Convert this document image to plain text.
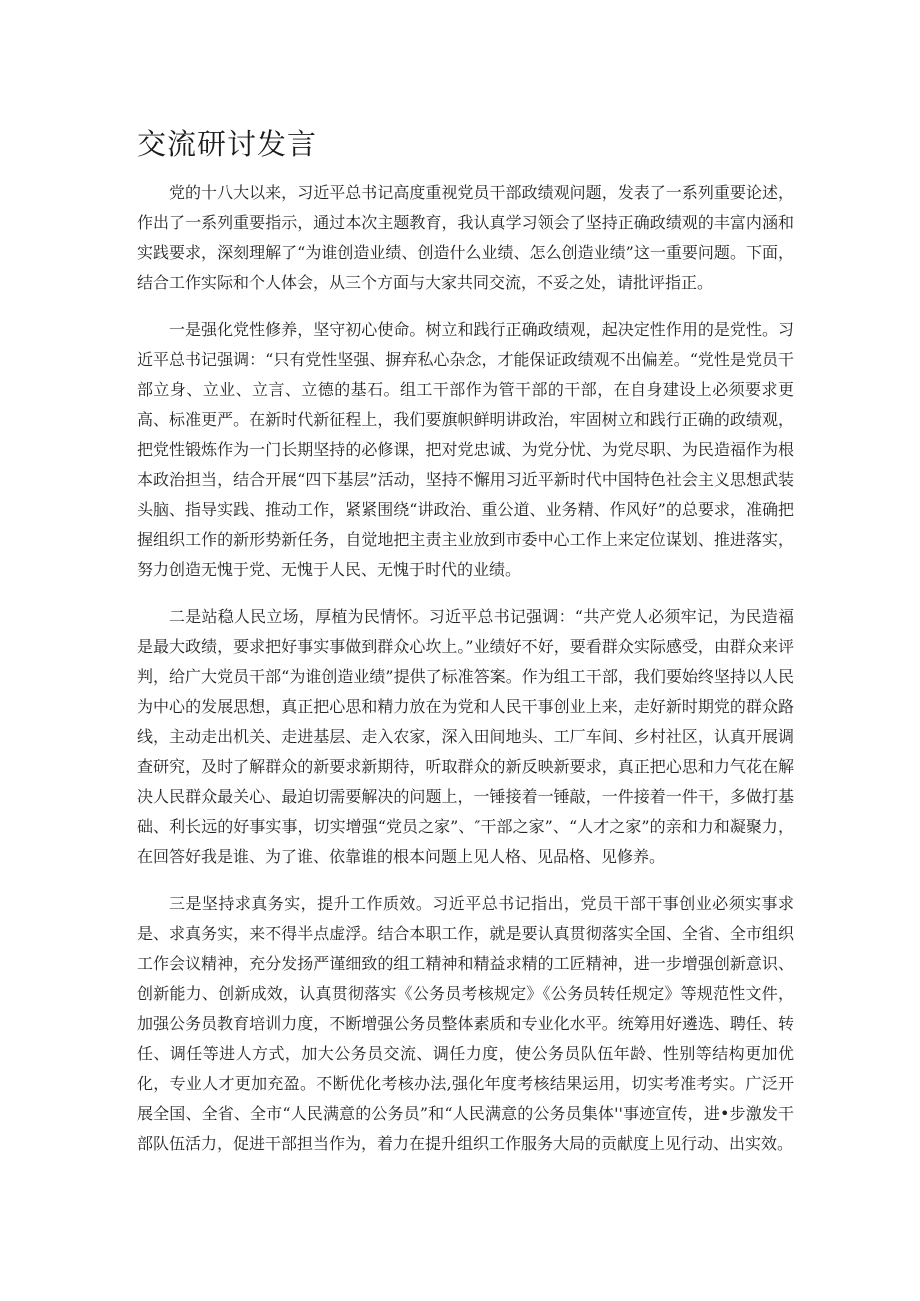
交流研讨发言

党的十八大以来，习近平总书记高度重视党员干部政绩观问题，发表了一系列重要论述，作出了一系列重要指示，通过本次主题教育，我认真学习领会了坚持正确政绩观的丰富内涵和实践要求，深刻理解了“为谁创造业绩、创造什么业绩、怎么创造业绩”这一重要问题。下面，结合工作实际和个人体会，从三个方面与大家共同交流，不妥之处，请批评指正。

一是强化党性修养，坚守初心使命。树立和践行正确政绩观，起决定性作用的是党性。习近平总书记强调：“只有党性坚强、摒弃私心杂念，才能保证政绩观不出偏差。“党性是党员干部立身、立业、立言、立德的基石。组工干部作为管干部的干部，在自身建设上必须要求更高、标准更严。在新时代新征程上，我们要旗帜鲜明讲政治，牢固树立和践行正确的政绩观，把党性锻炼作为一门长期坚持的必修课，把对党忠诚、为党分忧、为党尽职、为民造福作为根本政治担当，结合开展“四下基层”活动，坚持不懈用习近平新时代中国特色社会主义思想武装头脑、指导实践、推动工作，紧紧围绕“讲政治、重公道、业务精、作风好”的总要求，准确把握组织工作的新形势新任务，自觉地把主责主业放到市委中心工作上来定位谋划、推进落实，努力创造无愧于党、无愧于人民、无愧于时代的业绩。

二是站稳人民立场，厚植为民情怀。习近平总书记强调：“共产党人必须牢记，为民造福是最大政绩，要求把好事实事做到群众心坎上。”业绩好不好，要看群众实际感受，由群众来评判，给广大党员干部“为谁创造业绩”提供了标准答案。作为组工干部，我们要始终坚持以人民为中心的发展思想，真正把心思和精力放在为党和人民干事创业上来，走好新时期党的群众路线，主动走出机关、走进基层、走入农家，深入田间地头、工厂车间、乡村社区，认真开展调查研究，及时了解群众的新要求新期待，听取群众的新反映新要求，真正把心思和力气花在解决人民群众最关心、最迫切需要解决的问题上，一锤接着一锤敲，一件接着一件干，多做打基础、利长远的好事实事，切实增强“党员之家”、″干部之家”、“人才之家”的亲和力和凝聚力，在回答好我是谁、为了谁、依靠谁的根本问题上见人格、见品格、见修养。

三是坚持求真务实，提升工作质效。习近平总书记指出，党员干部干事创业必须实事求是、求真务实，来不得半点虚浮。结合本职工作，就是要认真贯彻落实全国、全省、全市组织工作会议精神，充分发扬严谨细致的组工精神和精益求精的工匠精神，进一步增强创新意识、创新能力、创新成效，认真贯彻落实《公务员考核规定》《公务员转任规定》等规范性文件，加强公务员教育培训力度，不断增强公务员整体素质和专业化水平。统筹用好遴选、聘任、转任、调任等进人方式，加大公务员交流、调任力度，使公务员队伍年龄、性别等结构更加优化，专业人才更加充盈。不断优化考核办法,强化年度考核结果运用，切实考准考实。广泛开展全国、全省、全市“人民满意的公务员”和“人民满意的公务员集体''事迹宣传，进•步激发干部队伍活力，促进干部担当作为，着力在提升组织工作服务大局的贡献度上见行动、出实效。
